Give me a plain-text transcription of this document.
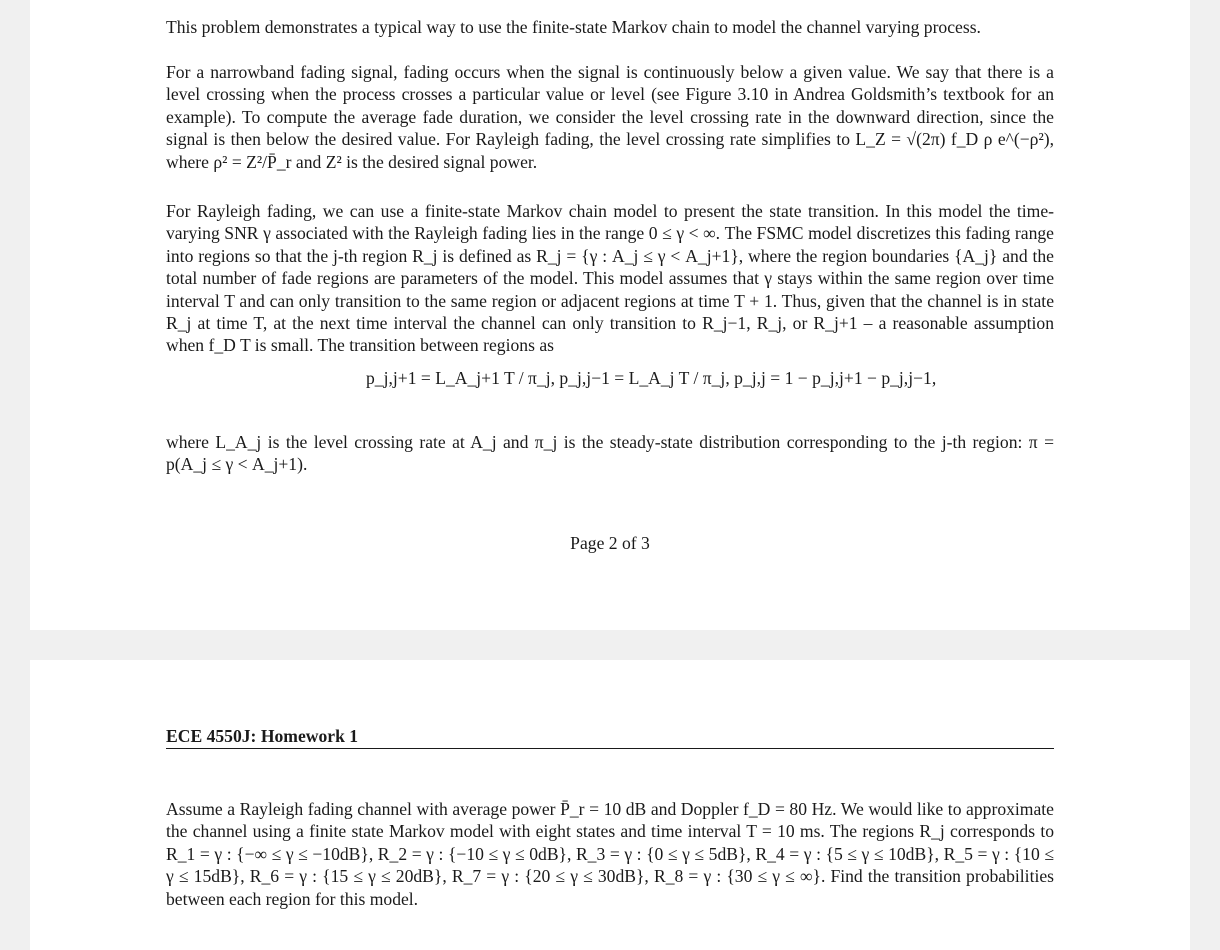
This problem demonstrates a typical way to use the finite-state Markov chain to model the channel varying process.

For a narrowband fading signal, fading occurs when the signal is continuously below a given value. We say that there is a level crossing when the process crosses a particular value or level (see Figure 3.10 in Andrea Goldsmith’s textbook for an example). To compute the average fade duration, we consider the level crossing rate in the downward direction, since the signal is then below the desired value. For Rayleigh fading, the level crossing rate simplifies to L_Z = √(2π) f_D ρ e^(−ρ²), where ρ² = Z²/P̄_r and Z² is the desired signal power.

For Rayleigh fading, we can use a finite-state Markov chain model to present the state transition. In this model the time-varying SNR γ associated with the Rayleigh fading lies in the range 0 ≤ γ < ∞. The FSMC model discretizes this fading range into regions so that the j-th region R_j is defined as R_j = {γ : A_j ≤ γ < A_j+1}, where the region boundaries {A_j} and the total number of fade regions are parameters of the model. This model assumes that γ stays within the same region over time interval T and can only transition to the same region or adjacent regions at time T + 1. Thus, given that the channel is in state R_j at time T, at the next time interval the channel can only transition to R_j−1, R_j, or R_j+1 – a reasonable assumption when f_D T is small. The transition between regions as

p_j,j+1 = L_A_j+1 T / π_j, p_j,j−1 = L_A_j T / π_j, p_j,j = 1 − p_j,j+1 − p_j,j−1,

where L_A_j is the level crossing rate at A_j and π_j is the steady-state distribution corresponding to the j-th region: π = p(A_j ≤ γ < A_j+1).

Page 2 of 3
ECE 4550J: Homework 1

Assume a Rayleigh fading channel with average power P̄_r = 10 dB and Doppler f_D = 80 Hz. We would like to approximate the channel using a finite state Markov model with eight states and time interval T = 10 ms. The regions R_j corresponds to R_1 = γ : {−∞ ≤ γ ≤ −10dB}, R_2 = γ : {−10 ≤ γ ≤ 0dB}, R_3 = γ : {0 ≤ γ ≤ 5dB}, R_4 = γ : {5 ≤ γ ≤ 10dB}, R_5 = γ : {10 ≤ γ ≤ 15dB}, R_6 = γ : {15 ≤ γ ≤ 20dB}, R_7 = γ : {20 ≤ γ ≤ 30dB}, R_8 = γ : {30 ≤ γ ≤ ∞}. Find the transition probabilities between each region for this model.
